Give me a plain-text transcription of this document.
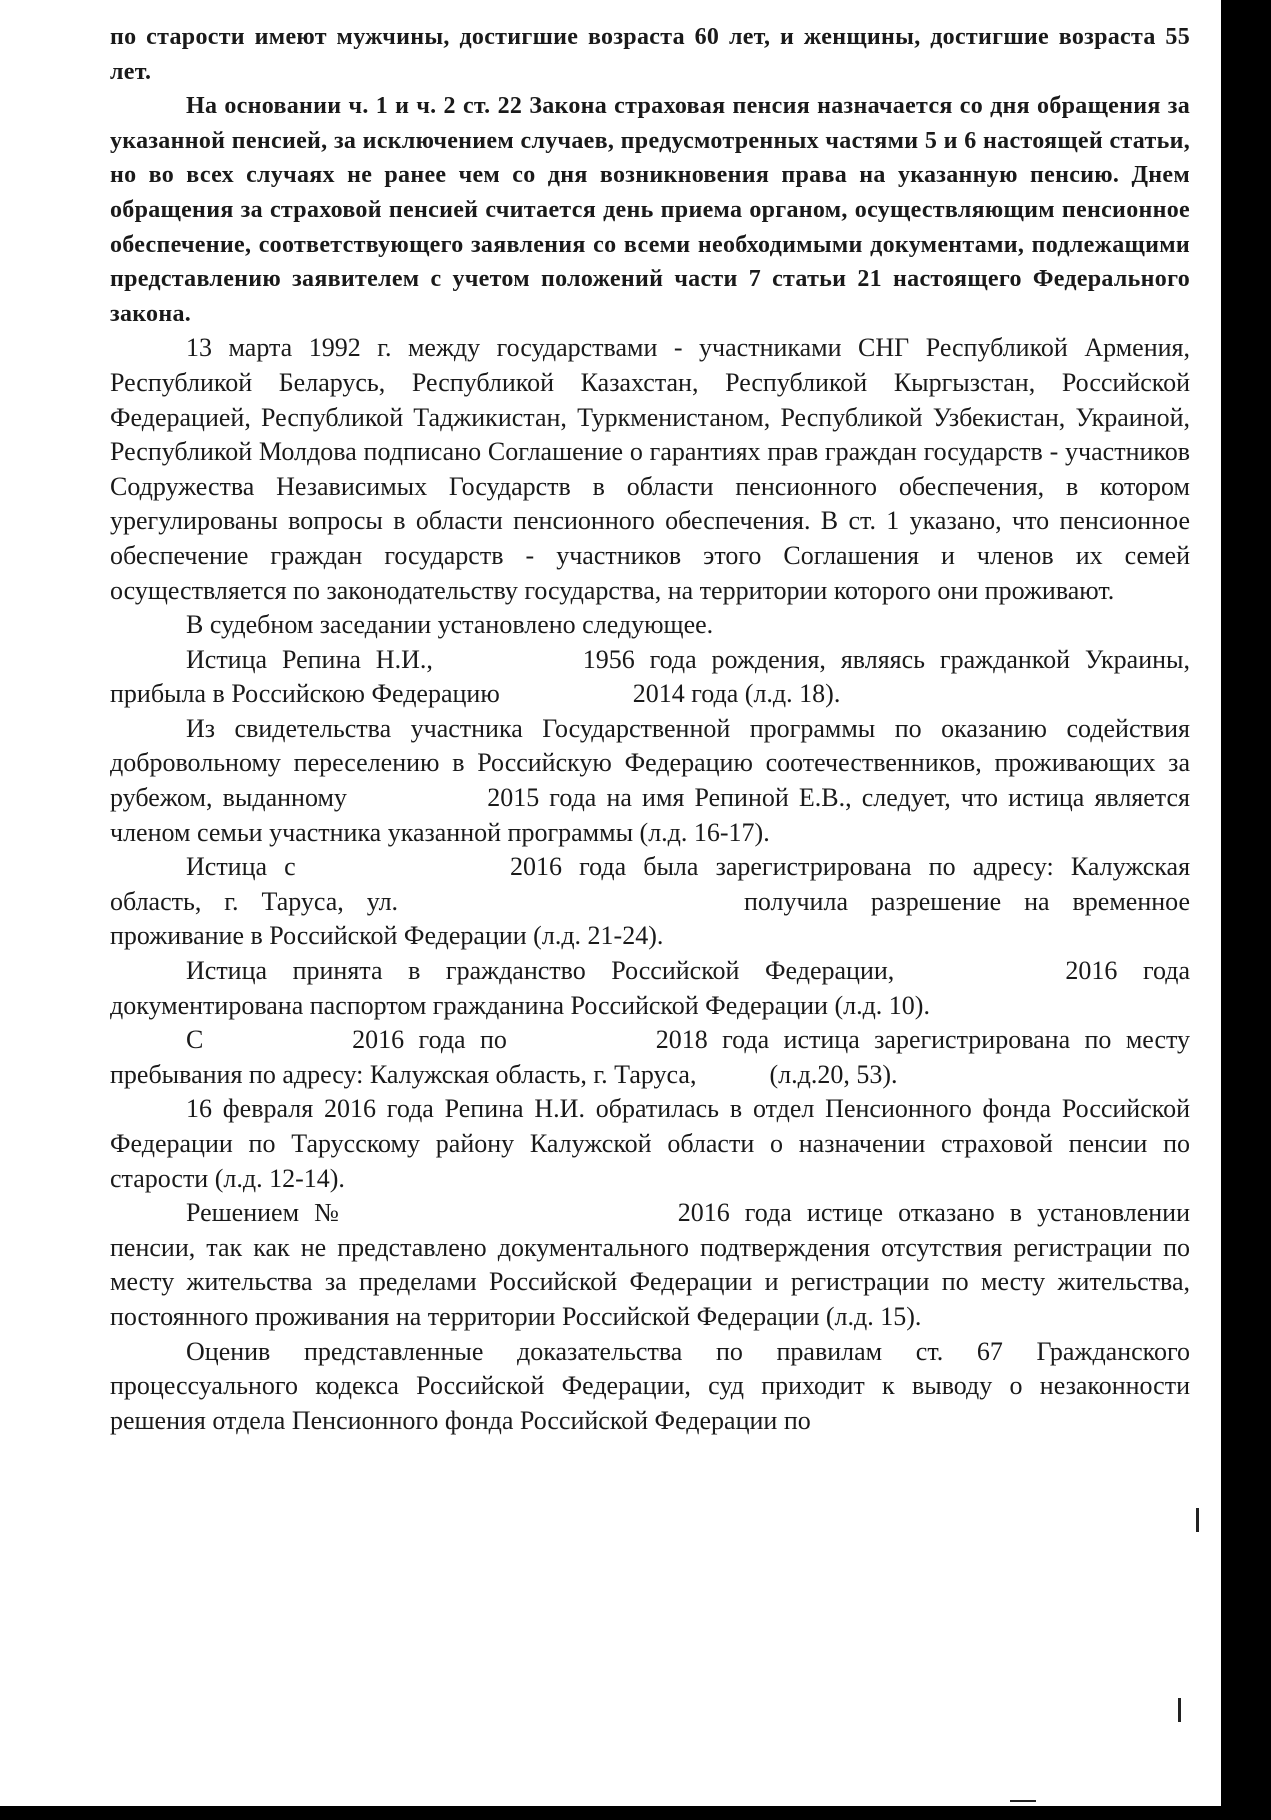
по старости имеют мужчины, достигшие возраста 60 лет, и женщины, достигшие возраста 55 лет.

На основании ч. 1 и ч. 2 ст. 22 Закона страховая пенсия назначается со дня обращения за указанной пенсией, за исключением случаев, предусмотренных частями 5 и 6 настоящей статьи, но во всех случаях не ранее чем со дня возникновения права на указанную пенсию. Днем обращения за страховой пенсией считается день приема органом, осуществляющим пенсионное обеспечение, соответствующего заявления со всеми необходимыми документами, подлежащими представлению заявителем с учетом положений части 7 статьи 21 настоящего Федерального закона.

13 марта 1992 г. между государствами - участниками СНГ Республикой Армения, Республикой Беларусь, Республикой Казахстан, Республикой Кыргызстан, Российской Федерацией, Республикой Таджикистан, Туркменистаном, Республикой Узбекистан, Украиной, Республикой Молдова подписано Соглашение о гарантиях прав граждан государств - участников Содружества Независимых Государств в области пенсионного обеспечения, в котором урегулированы вопросы в области пенсионного обеспечения. В ст. 1 указано, что пенсионное обеспечение граждан государств - участников этого Соглашения и членов их семей осуществляется по законодательству государства, на территории которого они проживают.

В судебном заседании установлено следующее.

Истица Репина Н.И.,	1956 года рождения, являясь гражданкой Украины, прибыла в Российскою Федерацию	2014 года (л.д. 18).

Из свидетельства участника Государственной программы по оказанию содействия добровольному переселению в Российскую Федерацию соотечественников, проживающих за рубежом, выданному	2015 года на имя Репиной Е.В., следует, что истица является членом семьи участника указанной программы (л.д. 16-17).

Истица с	2016 года была зарегистрирована по адресу: Калужская область, г. Таруса, ул.	получила разрешение на временное проживание в Российской Федерации (л.д. 21-24).

Истица принята в гражданство Российской Федерации,	2016 года документирована паспортом гражданина Российской Федерации (л.д. 10).

С	2016 года по	2018 года истица зарегистрирована по месту пребывания по адресу: Калужская область, г. Таруса,	(л.д.20, 53).

16 февраля 2016 года Репина Н.И. обратилась в отдел Пенсионного фонда Российской Федерации по Тарусскому району Калужской области о назначении страховой пенсии по старости (л.д. 12-14).

Решением №	2016 года истице отказано в установлении пенсии, так как не представлено документального подтверждения отсутствия регистрации по месту жительства за пределами Российской Федерации и регистрации по месту жительства, постоянного проживания на территории Российской Федерации (л.д. 15).

Оценив представленные доказательства по правилам ст. 67 Гражданского процессуального кодекса Российской Федерации, суд приходит к выводу о незаконности решения отдела Пенсионного фонда Российской Федерации по
